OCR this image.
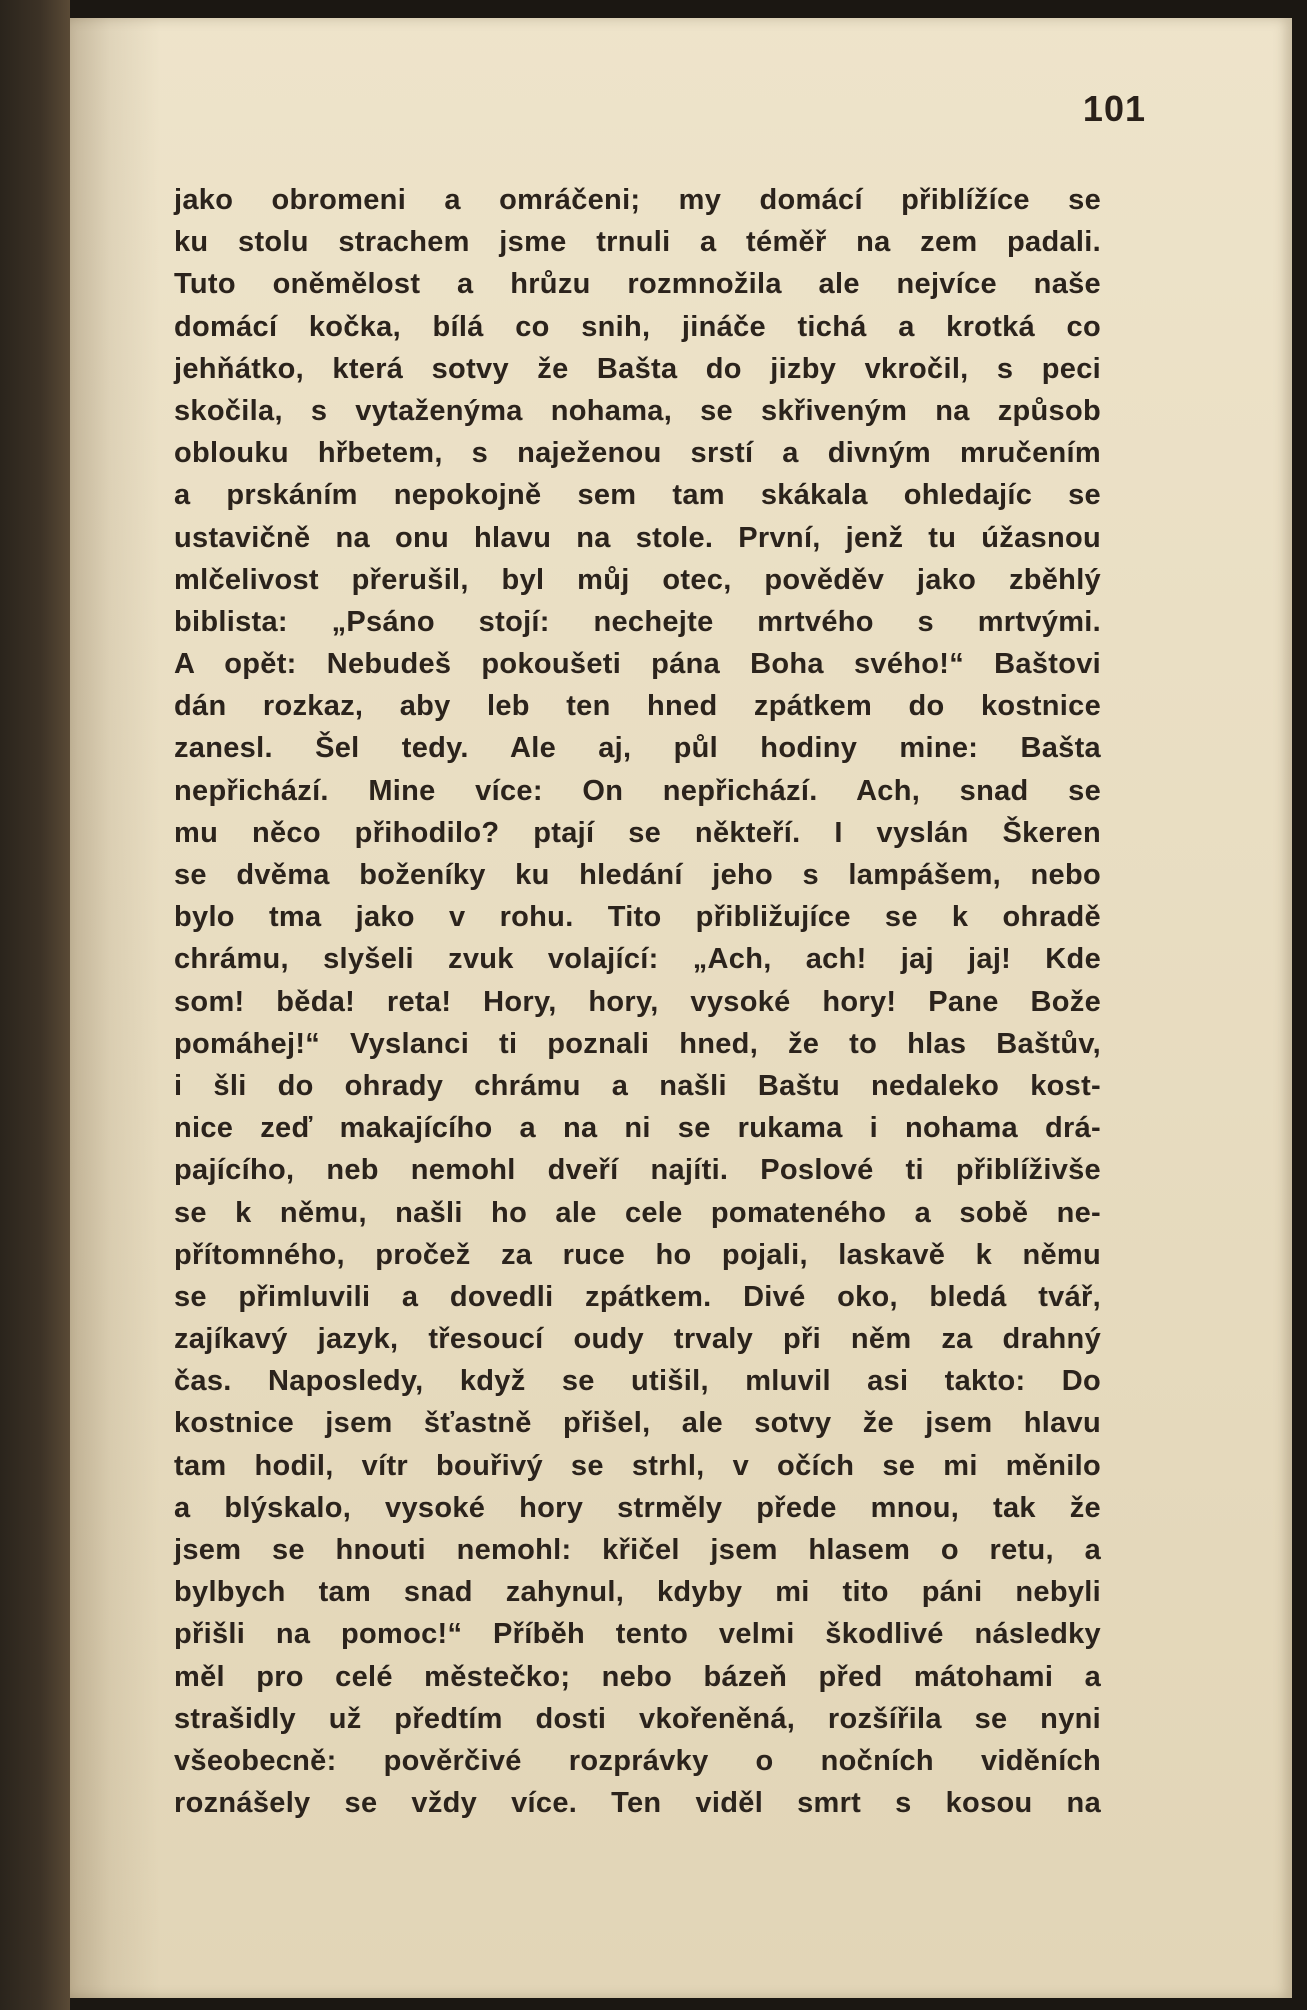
101
jako obromeni a omráčeni; my domácí přiblížíce se
ku stolu strachem jsme trnuli a téměř na zem padali.
Tuto oněmělost a hrůzu rozmnožila ale nejvíce naše
domácí kočka, bílá co snih, jináče tichá a krotká co
jehňátko, která sotvy že Bašta do jizby vkročil, s peci
skočila, s vytaženýma nohama, se skřiveným na způsob
oblouku hřbetem, s naježenou srstí a divným mručením
a prskáním nepokojně sem tam skákala ohledajíc se
ustavičně na onu hlavu na stole. První, jenž tu úžasnou
mlčelivost přerušil, byl můj otec, pověděv jako zběhlý
biblista: „Psáno stojí: nechejte mrtvého s mrtvými.
A opět: Nebudeš pokoušeti pána Boha svého!“ Baštovi
dán rozkaz, aby leb ten hned zpátkem do kostnice
zanesl. Šel tedy. Ale aj, půl hodiny mine: Bašta
nepřichází. Mine více: On nepřichází. Ach, snad se
mu něco přihodilo? ptají se někteří. I vyslán Škeren
se dvěma boženíky ku hledání jeho s lampášem, nebo
bylo tma jako v rohu. Tito přibližujíce se k ohradě
chrámu, slyšeli zvuk volající: „Ach, ach! jaj jaj! Kde
som! běda! reta! Hory, hory, vysoké hory! Pane Bože
pomáhej!“ Vyslanci ti poznali hned, že to hlas Baštův,
i šli do ohrady chrámu a našli Baštu nedaleko kost-
nice zeď makajícího a na ni se rukama i nohama drá-
pajícího, neb nemohl dveří najíti. Poslové ti přiblíživše
se k němu, našli ho ale cele pomateného a sobě ne-
přítomného, pročež za ruce ho pojali, laskavě k němu
se přimluvili a dovedli zpátkem. Divé oko, bledá tvář,
zajíkavý jazyk, třesoucí oudy trvaly při něm za drahný
čas. Naposledy, když se utišil, mluvil asi takto: Do
kostnice jsem šťastně přišel, ale sotvy že jsem hlavu
tam hodil, vítr bouřivý se strhl, v očích se mi měnilo
a blýskalo, vysoké hory strměly přede mnou, tak že
jsem se hnouti nemohl: křičel jsem hlasem o retu, a
bylbych tam snad zahynul, kdyby mi tito páni nebyli
přišli na pomoc!“ Příběh tento velmi škodlivé následky
měl pro celé městečko; nebo bázeň před mátohami a
strašidly už předtím dosti vkořeněná, rozšířila se nyni
všeobecně: pověrčivé rozprávky o nočních viděních
roznášely se vždy více. Ten viděl smrt s kosou na
